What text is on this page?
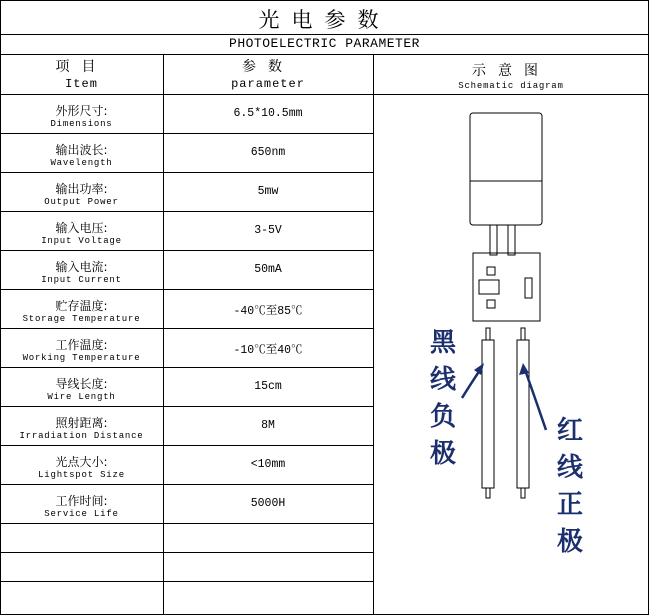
光电参数
PHOTOELECTRIC PARAMETER
项目
Item
参数
parameter
示意图
Schematic diagram
外形尺寸:
Dimensions
6.5*10.5mm
输出波长:
Wavelength
650nm
输出功率:
Output Power
5mw
输入电压:
Input Voltage
3-5V
输入电流:
Input Current
50mA
贮存温度:
Storage Temperature
-40℃至85℃
工作温度:
Working Temperature
-10℃至40℃
导线长度:
Wire Length
15cm
照射距离:
Irradiation Distance
8M
光点大小:
Lightspot Size
<10mm
工作时间:
Service Life
5000H
黑
线
负
极
红
线
正
极
